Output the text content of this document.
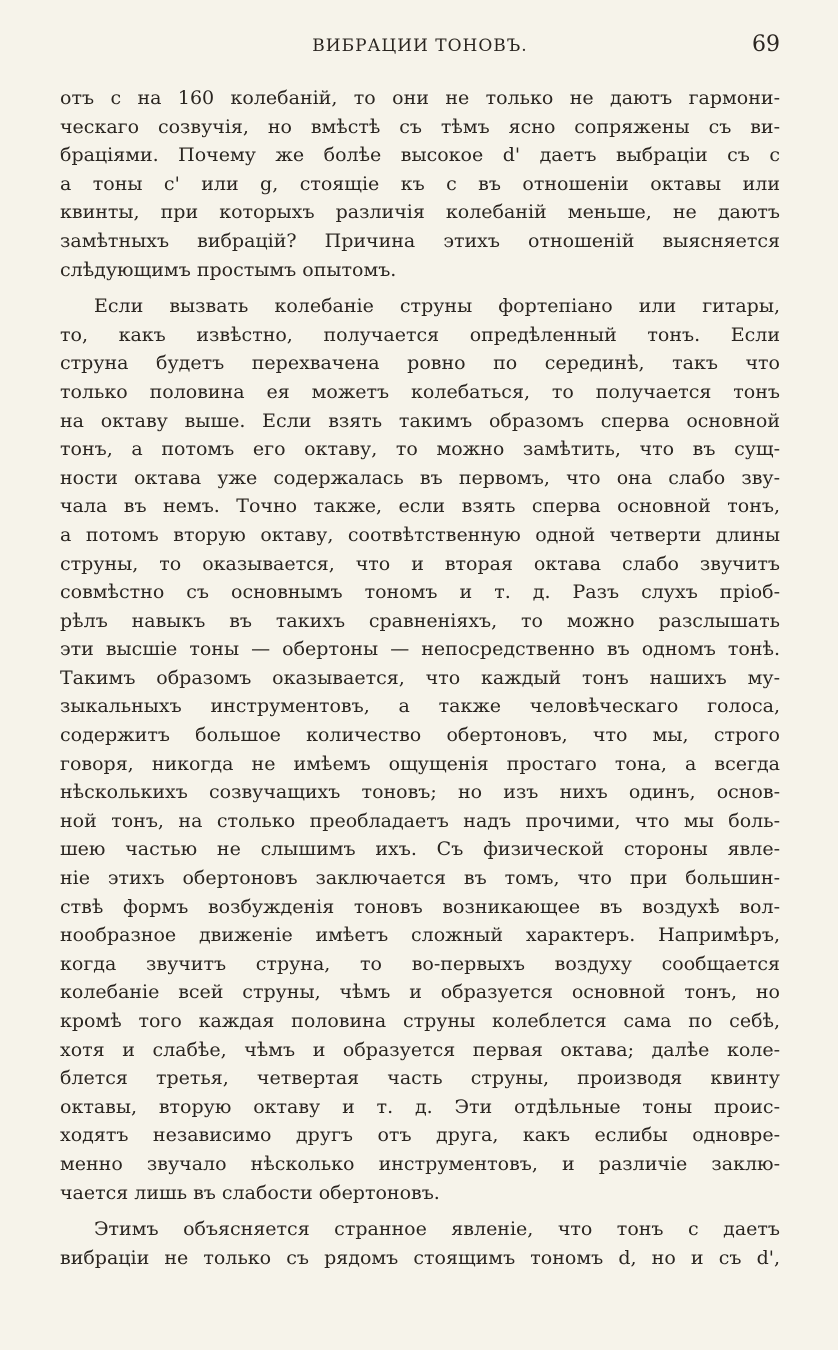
ВИБРАЦИИ ТОНОВЪ.	69
отъ c на 160 колебаній, то они не только не даютъ гармони-
ческаго созвучія, но вмѣстѣ съ тѣмъ ясно сопряжены съ ви-
браціями. Почему же болѣе высокое d' даетъ выбраціи съ c
а тоны c' или g, стоящіе къ c въ отношеніи октавы или
квинты, при которыхъ различія колебаній меньше, не даютъ
замѣтныхъ вибрацій? Причина этихъ отношеній выясняется
слѣдующимъ простымъ опытомъ.
Если вызвать колебаніе струны фортепіано или гитары,
то, какъ извѣстно, получается опредѣленный тонъ. Если
струна будетъ перехвачена ровно по серединѣ, такъ что
только половина ея можетъ колебаться, то получается тонъ
на октаву выше. Если взять такимъ образомъ сперва основной
тонъ, а потомъ его октаву, то можно замѣтить, что въ сущ-
ности октава уже содержалась въ первомъ, что она слабо зву-
чала въ немъ. Точно также, если взять сперва основной тонъ,
а потомъ вторую октаву, соотвѣтственную одной четверти длины
струны, то оказывается, что и вторая октава слабо звучитъ
совмѣстно съ основнымъ тономъ и т. д. Разъ слухъ пріоб-
рѣлъ навыкъ въ такихъ сравненіяхъ, то можно разслышать
эти высшіе тоны — обертоны — непосредственно въ одномъ тонѣ.
Такимъ образомъ оказывается, что каждый тонъ нашихъ му-
зыкальныхъ инструментовъ, а также человѣческаго голоса,
содержитъ большое количество обертоновъ, что мы, строго
говоря, никогда не имѣемъ ощущенія простаго тона, а всегда
нѣсколькихъ созвучащихъ тоновъ; но изъ нихъ одинъ, основ-
ной тонъ, на столько преобладаетъ надъ прочими, что мы боль-
шею частью не слышимъ ихъ. Съ физической стороны явле-
ніе этихъ обертоновъ заключается въ томъ, что при большин-
ствѣ формъ возбужденія тоновъ возникающее въ воздухѣ вол-
нообразное движеніе имѣетъ сложный характеръ. Напримѣръ,
когда звучитъ струна, то во-первыхъ воздуху сообщается
колебаніе всей струны, чѣмъ и образуется основной тонъ, но
кромѣ того каждая половина струны колеблется сама по себѣ,
хотя и слабѣе, чѣмъ и образуется первая октава; далѣе коле-
блется третья, четвертая часть струны, производя квинту
октавы, вторую октаву и т. д. Эти отдѣльные тоны проис-
ходятъ независимо другъ отъ друга, какъ еслибы одновре-
менно звучало нѣсколько инструментовъ, и различіе заклю-
чается лишь въ слабости обертоновъ.
Этимъ объясняется странное явленіе, что тонъ c даетъ
вибраціи не только съ рядомъ стоящимъ тономъ d, но и съ d',
